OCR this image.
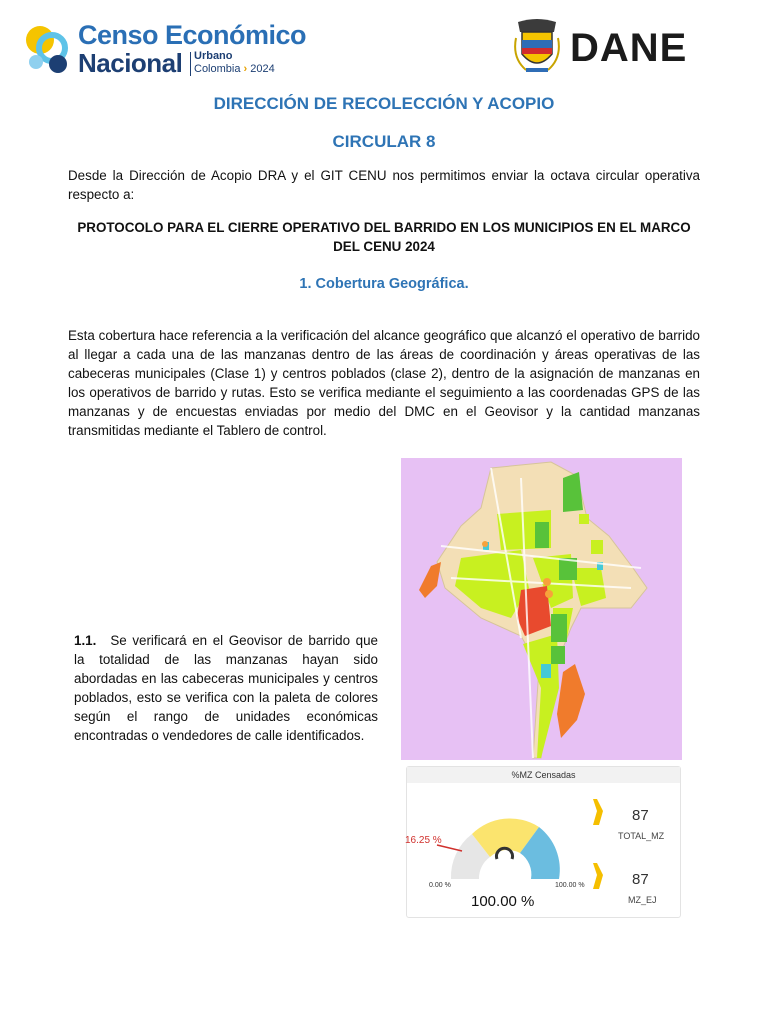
Censo Económico
Nacional Urbano
Colombia › 2024	DANE
DIRECCIÓN DE RECOLECCIÓN Y ACOPIO
CIRCULAR 8
Desde la Dirección de Acopio DRA y el GIT CENU nos permitimos enviar la octava circular operativa respecto a:
PROTOCOLO PARA EL CIERRE OPERATIVO DEL BARRIDO EN LOS MUNICIPIOS EN EL MARCO DEL CENU 2024
1. Cobertura Geográfica.
Esta cobertura hace referencia a la verificación del alcance geográfico que alcanzó el operativo de barrido al llegar a cada una de las manzanas dentro de las áreas de coordinación y áreas operativas de las cabeceras municipales (Clase 1) y centros poblados (clase 2), dentro de la asignación de manzanas en los operativos de barrido y rutas. Esto se verifica mediante el seguimiento a las coordenadas GPS de las manzanas y de encuestas enviadas por medio del DMC en el Geovisor y la cantidad manzanas transmitidas mediante el Tablero de control.
1.1. Se verificará en el Geovisor de barrido que la totalidad de las manzanas hayan sido abordadas en las cabeceras municipales y centros poblados, esto se verifica con la paleta de colores según el rango de unidades económicas encontradas o vendedores de calle identificados.
%MZ Censadas
16.25 %
0.00 %	100.00 %
100.00 %
87
TOTAL_MZ
87
MZ_EJ
